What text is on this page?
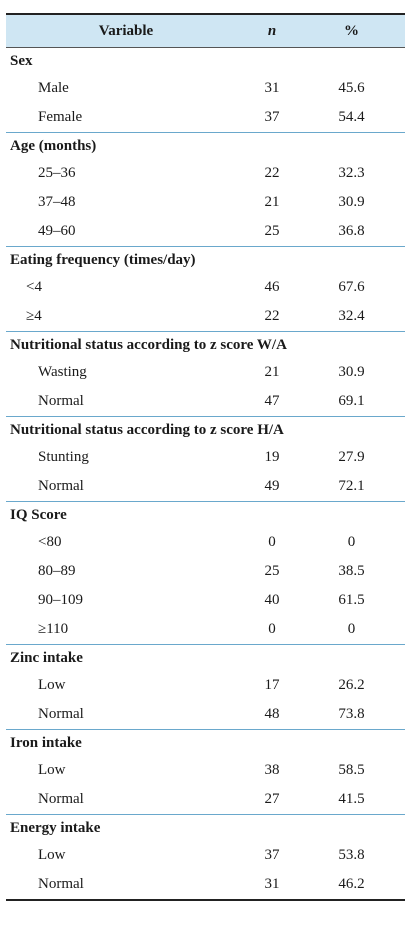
Variable	n	%
Sex
Male	31	45.6
Female	37	54.4
Age (months)
25–36	22	32.3
37–48	21	30.9
49–60	25	36.8
Eating frequency (times/day)
<4	46	67.6
≥4	22	32.4
Nutritional status according to z score W/A
Wasting	21	30.9
Normal	47	69.1
Nutritional status according to z score H/A
Stunting	19	27.9
Normal	49	72.1
IQ Score
<80	0	0
80–89	25	38.5
90–109	40	61.5
≥110	0	0
Zinc intake
Low	17	26.2
Normal	48	73.8
Iron intake
Low	38	58.5
Normal	27	41.5
Energy intake
Low	37	53.8
Normal	31	46.2
